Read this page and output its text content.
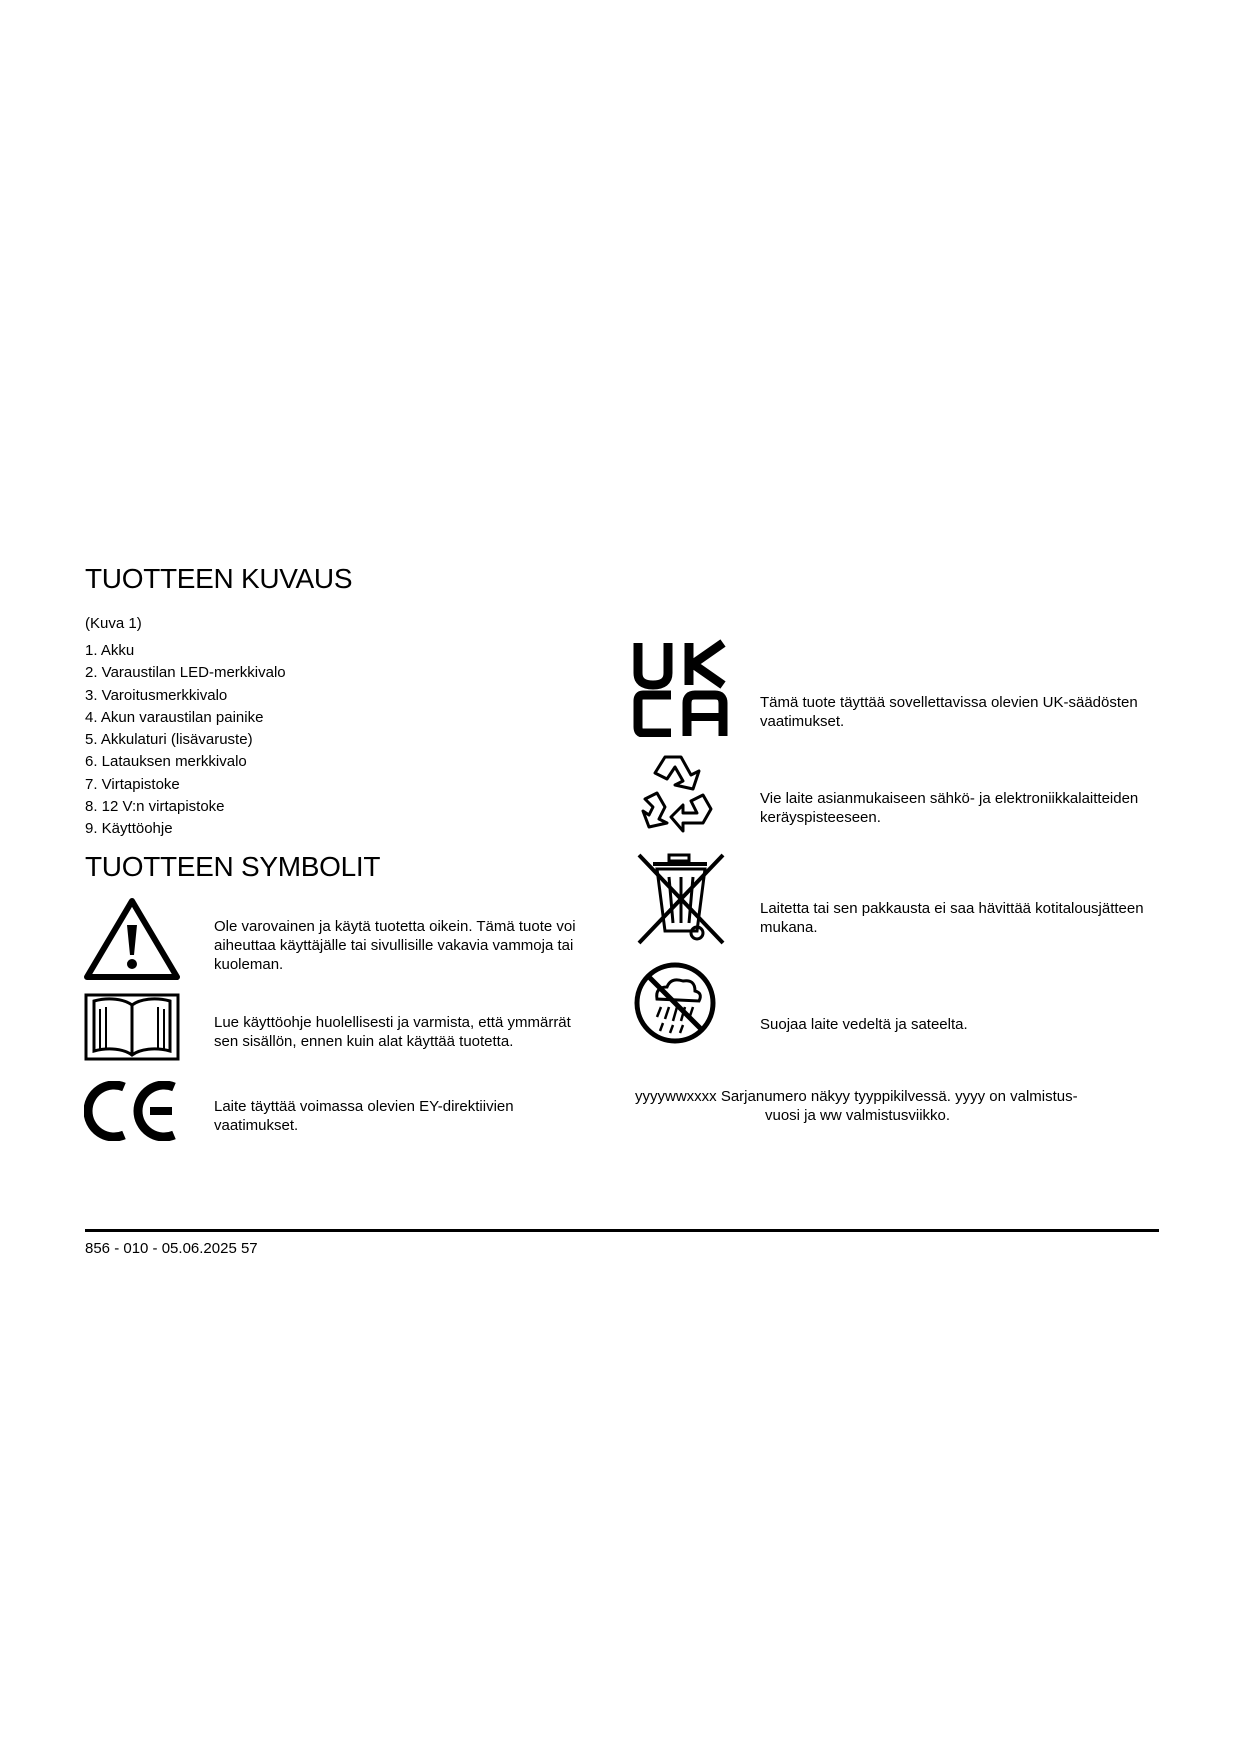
TUOTTEEN KUVAUS

(Kuva 1)

1. Akku
2. Varaustilan LED-merkkivalo
3. Varoitusmerkkivalo
4. Akun varaustilan painike
5. Akkulaturi (lisävaruste)
6. Latauksen merkkivalo
7. Virtapistoke
8. 12 V:n virtapistoke
9. Käyttöohje
TUOTTEEN SYMBOLIT

Ole varovainen ja käytä tuotetta oikein. Tämä tuote voi aiheuttaa käyttäjälle tai sivullisille vakavia vammoja tai kuoleman.

Lue käyttöohje huolellisesti ja varmista, että ymmärrät sen sisällön, ennen kuin alat käyttää tuotetta.

Laite täyttää voimassa olevien EY-direktiivien vaatimukset.

Tämä tuote täyttää sovellettavissa olevien UK-säädösten vaatimukset.

Vie laite asianmukaiseen sähkö- ja elektroniikkalaitteiden keräyspisteeseen.

Laitetta tai sen pakkausta ei saa hävittää kotitalousjätteen mukana.

Suojaa laite vedeltä ja sateelta.

yyyywwxxxx Sarjanumero näkyy tyyppikilvessä. yyyy on valmistus-
vuosi ja ww valmistusviikko.

856 - 010 - 05.06.2025 57
